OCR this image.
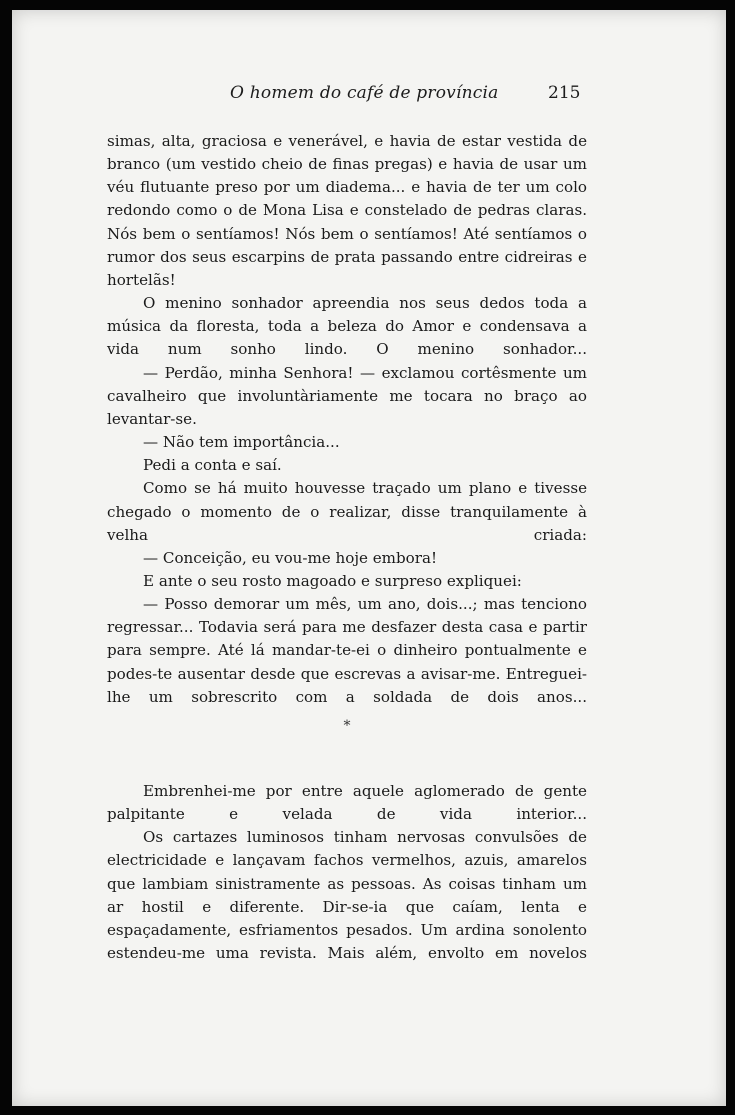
O homem do café de província	215

simas, alta, graciosa e venerável, e havia de estar vestida de branco (um vestido cheio de finas pregas) e havia de usar um véu flutuante preso por um diadema... e havia de ter um colo redondo como o de Mona Lisa e constelado de pedras claras. Nós bem o sentíamos! Nós bem o sentíamos! Até sentíamos o rumor dos seus escarpins de prata passando entre cidreiras e hortelãs!

O menino sonhador apreendia nos seus dedos toda a música da floresta, toda a beleza do Amor e condensava a vida num sonho lindo. O menino sonhador...

— Perdão, minha Senhora! — exclamou cortêsmente um cavalheiro que involuntàriamente me tocara no braço ao levantar-se.

— Não tem importância...

Pedi a conta e saí.

Como se há muito houvesse traçado um plano e tivesse chegado o momento de o realizar, disse tranquilamente à velha criada:

— Conceição, eu vou-me hoje embora!

E ante o seu rosto magoado e surpreso expliquei:

— Posso demorar um mês, um ano, dois...; mas tenciono regressar... Todavia será para me desfazer desta casa e partir para sempre. Até lá mandar-te-ei o dinheiro pontualmente e podes-te ausentar desde que escrevas a avisar-me. Entreguei-lhe um sobrescrito com a soldada de dois anos...

*

Embrenhei-me por entre aquele aglomerado de gente palpitante e velada de vida interior...

Os cartazes luminosos tinham nervosas convulsões de electricidade e lançavam fachos vermelhos, azuis, amarelos que lambiam sinistramente as pessoas. As coisas tinham um ar hostil e diferente. Dir-se-ia que caíam, lenta e espaçadamente, esfriamentos pesados. Um ardina sonolento estendeu-me uma revista. Mais além, envolto em novelos
